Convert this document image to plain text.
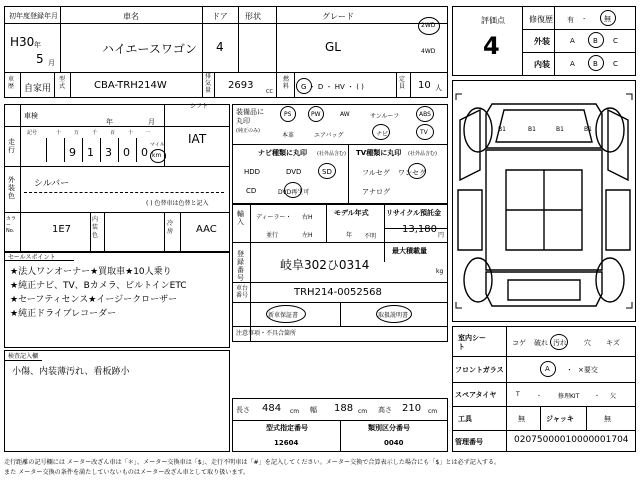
初年度登録年月	車名	ドア 形状	グレード
H30 年
5 月
ハイエースワゴン 4	GL
2WD
4WD
車歴 自家用
型式	CBA-TRH214W
排気量 2693
CC
燃料 G ・ D ・ HV ・ ( )
定員 10 人
評価点
4
修復歴 有 -	無
外装	A	B C
内装	A	B C
車検
年	月
シフト
IAT
走行
記号	十	万	千	百	十 一
9 1 3 0 0
マイル
km
外装色
シルバー
( ) 色替車は色替と記入
カラーNo.	1E7
内装色
冷房	AAC
セールスポイント
★法人ワンオーナー★買取車★10人乗り
★純正ナビ、TV、Bカメラ、ビルトインETC
★セーフティセンス★イージークローザー
★純正ドライブレコーダー
検査記入欄
小傷、内装薄汚れ、看板跡小
装備品に丸印
(純正のみ)
PS	PW	AW	サンルーフ	ABS
本革	エアバッグ	ナビ	TV
ナビ種類に丸印 (社外品含む) TV種類に丸印 (社外品含む)
HDD	DVD	SD
CD	DVD再生可
フルセグ ワンセグ
アナログ
輸入
ディーラー・
並行
右H
左H
モデル年式
年 不明
リサイクル預託金
13,180
円
登録番号
岐阜302ひ0314
最大積載量
kg
車台番号	TRH214-0052568
新車保証書	取扱説明書
注意事項・不具合箇所
長さ 484 cm 幅 188 cm 高さ 210 cm
型式指定番号
12604
類別区分番号
0040
B1	B1	B1	B1
室内シート	コゲ 破れ 汚れ 穴 キズ
フロントガラス	A ・ ×要交
スペアタイヤ	T	・	修理KIT ・ 欠
工具	無	ジャッキ	無
管理番号	02075000010000001704
走行距離の記号欄には メーター改ざん車は「＊」、メーター交換車は「$」、走行不明車は「#」を記入してください。メーター交換で合算表示した場合にも「$」とは必ず記入する。
また メーター交換の条件を満たしていないものはメーター改ざん車として取り扱います。
